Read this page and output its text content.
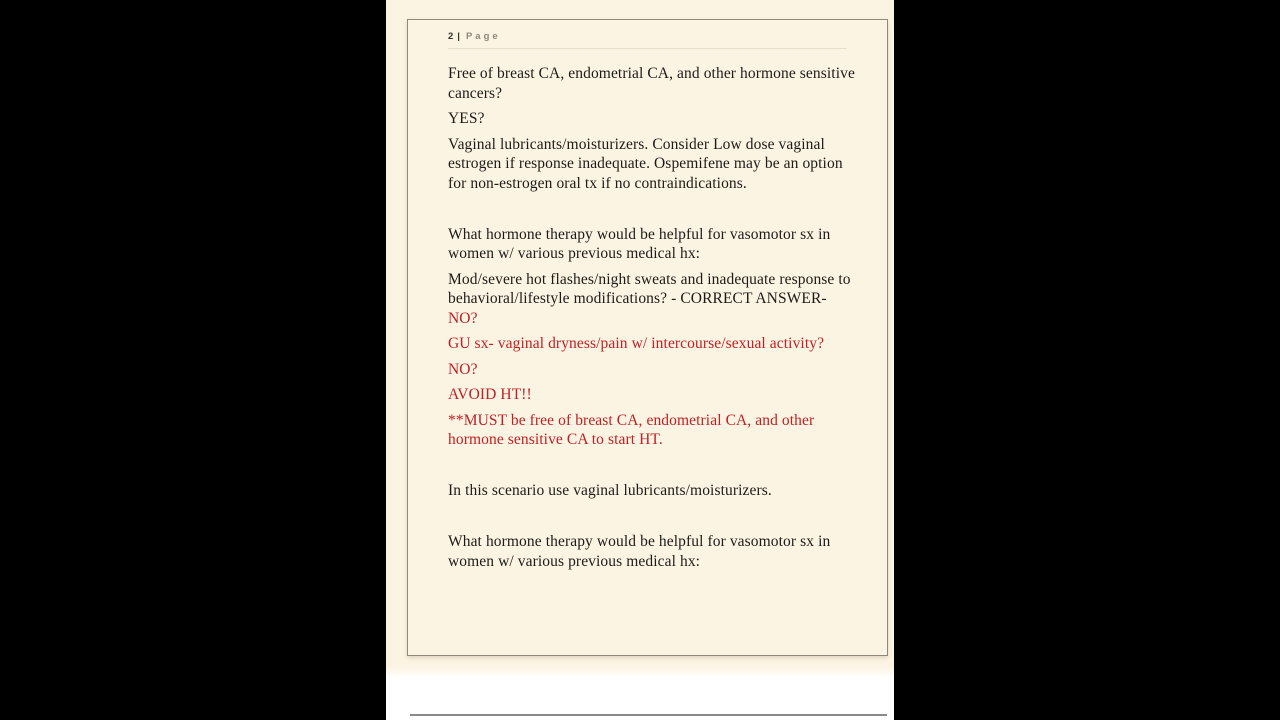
2 | Page
Free of breast CA, endometrial CA, and other hormone sensitive
cancers?
YES?
Vaginal lubricants/moisturizers. Consider Low dose vaginal
estrogen if response inadequate. Ospemifene may be an option
for non-estrogen oral tx if no contraindications.
What hormone therapy would be helpful for vasomotor sx in
women w/ various previous medical hx:
Mod/severe hot flashes/night sweats and inadequate response to
behavioral/lifestyle modifications? - CORRECT ANSWER-
NO?
GU sx- vaginal dryness/pain w/ intercourse/sexual activity?
NO?
AVOID HT!!
**MUST be free of breast CA, endometrial CA, and other
hormone sensitive CA to start HT.
In this scenario use vaginal lubricants/moisturizers.
What hormone therapy would be helpful for vasomotor sx in
women w/ various previous medical hx:
